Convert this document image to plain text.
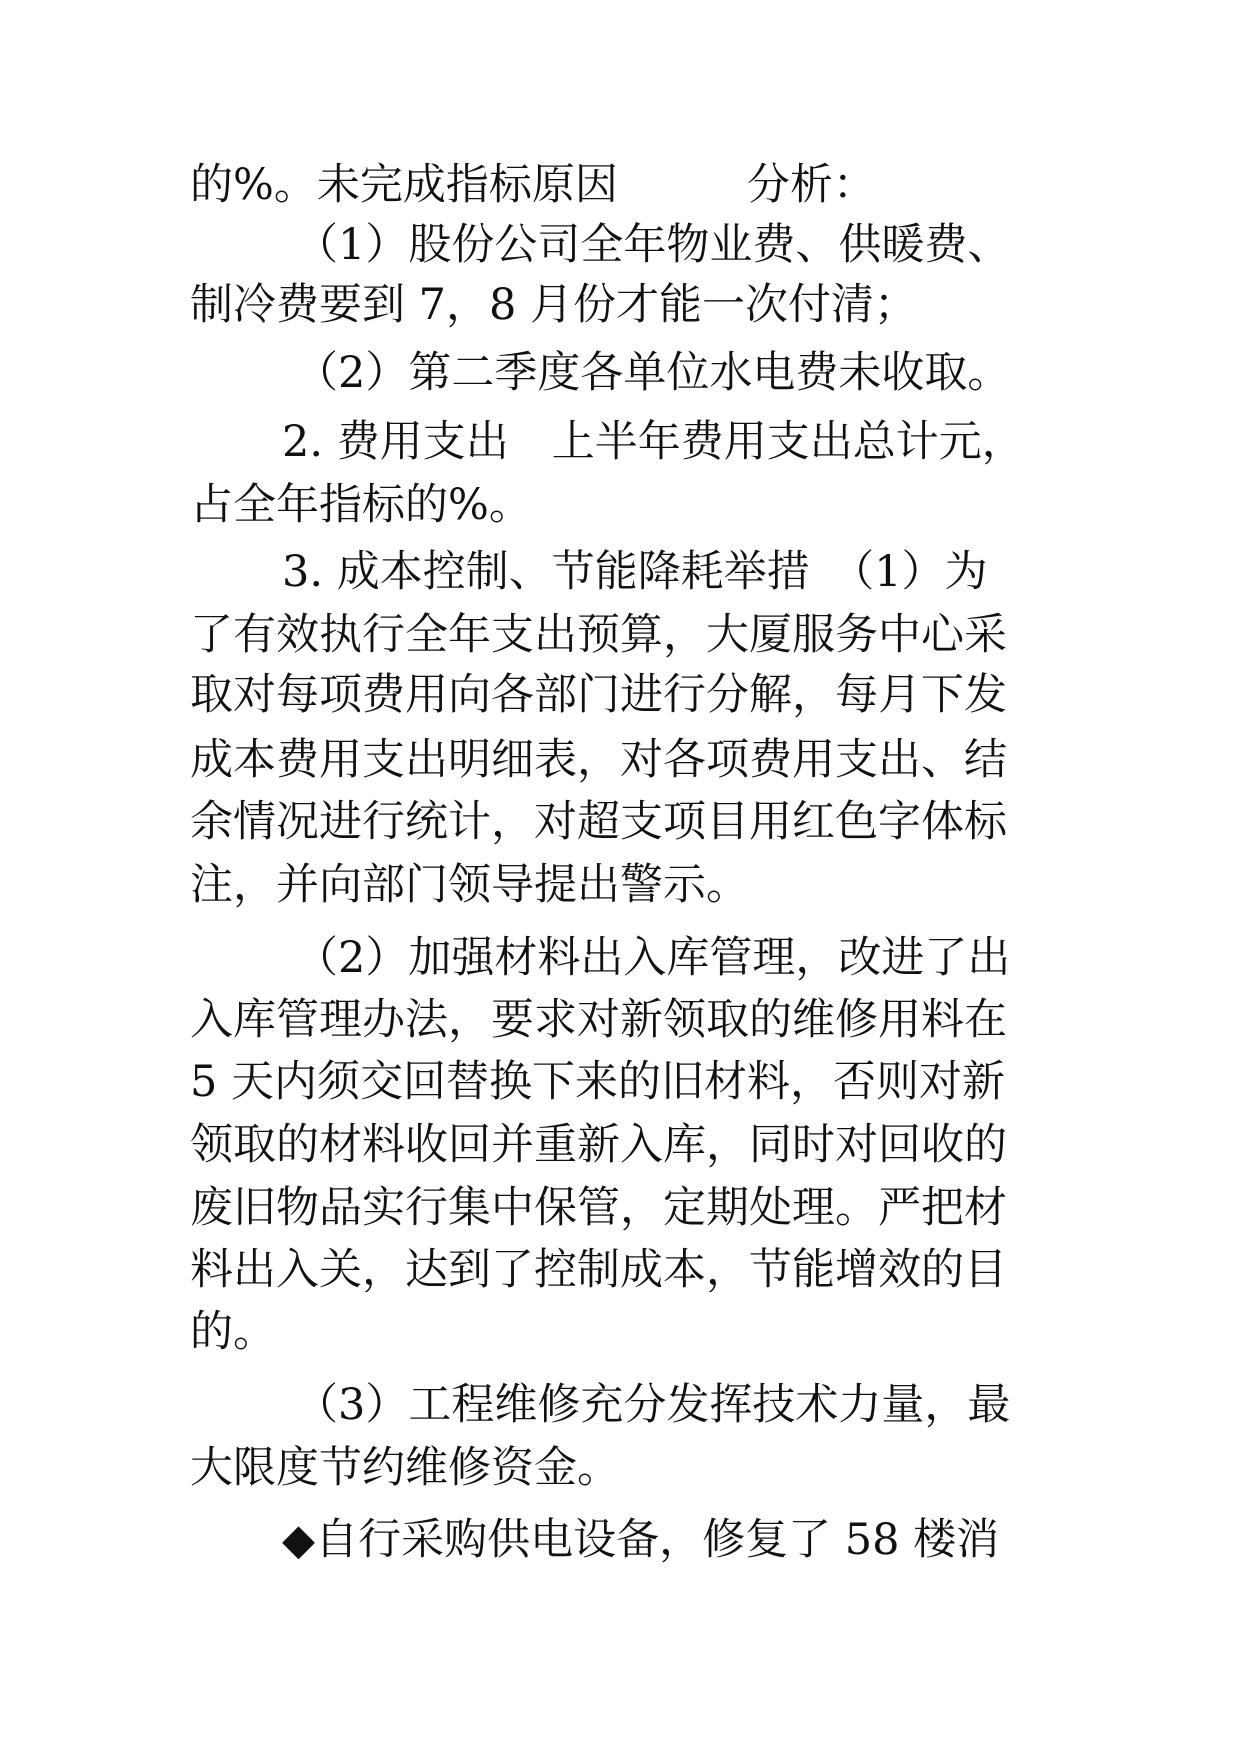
的%。未完成指标原因　　　分析：
（1）股份公司全年物业费、供暖费、
制冷费要到 7，8 月份才能一次付清；
（2）第二季度各单位水电费未收取。
2. 费用支出　上半年费用支出总计元，
占全年指标的%。
3. 成本控制、节能降耗举措　（1）为
了有效执行全年支出预算，大厦服务中心采
取对每项费用向各部门进行分解，每月下发
成本费用支出明细表，对各项费用支出、结
余情况进行统计，对超支项目用红色字体标
注，并向部门领导提出警示。
（2）加强材料出入库管理，改进了出
入库管理办法，要求对新领取的维修用料在
5 天内须交回替换下来的旧材料，否则对新
领取的材料收回并重新入库，同时对回收的
废旧物品实行集中保管，定期处理。严把材
料出入关，达到了控制成本，节能增效的目
的。
（3）工程维修充分发挥技术力量，最
大限度节约维修资金。
◆自行采购供电设备，修复了 58 楼消
